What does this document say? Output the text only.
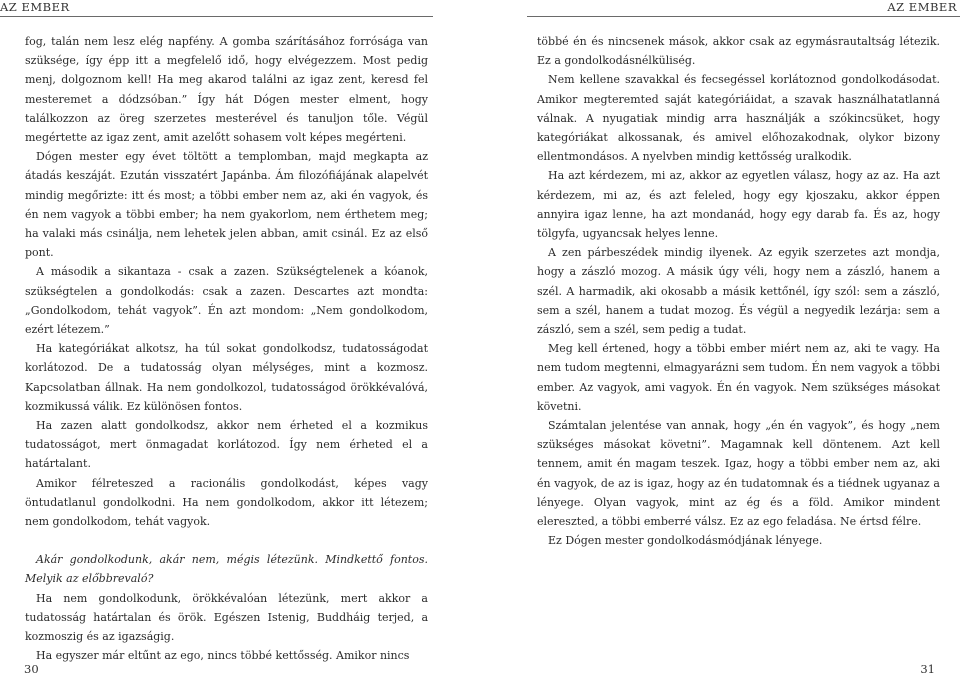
AZ EMBER	AZ EMBER

fog, talán nem lesz elég napfény. A gomba szárításához forrósága van szüksége, így épp itt a megfelelő idő, hogy elvégezzem. Most pedig menj, dolgoznom kell! Ha meg akarod találni az igaz zent, keresd fel mesteremet a dódzsóban.” Így hát Dógen mester elment, hogy találkozzon az öreg szerzetes mesterével és tanuljon tőle. Végül megértette az igaz zent, amit azelőtt sohasem volt képes megérteni.

Dógen mester egy évet töltött a templomban, majd megkapta az átadás keszáját. Ezután visszatért Japánba. Ám filozófiájának alapelvét mindig megőrizte: itt és most; a többi ember nem az, aki én vagyok, és én nem vagyok a többi ember; ha nem gyakorlom, nem érthetem meg; ha valaki más csinálja, nem lehetek jelen abban, amit csinál. Ez az első pont.

A második a sikantaza - csak a zazen. Szükségtelenek a kóanok, szükségtelen a gondolkodás: csak a zazen. Descartes azt mondta: „Gondolkodom, tehát vagyok”. Én azt mondom: „Nem gondolkodom, ezért létezem.”

Ha kategóriákat alkotsz, ha túl sokat gondolkodsz, tudatosságodat korlátozod. De a tudatosság olyan mélységes, mint a kozmosz. Kapcsolatban állnak. Ha nem gondolkozol, tudatosságod örökkévalóvá, kozmikussá válik. Ez különösen fontos.

Ha zazen alatt gondolkodsz, akkor nem érheted el a kozmikus tudatosságot, mert önmagadat korlátozod. Így nem érheted el a határtalant.

Amikor félreteszed a racionális gondolkodást, képes vagy öntudatlanul gondolkodni. Ha nem gondolkodom, akkor itt létezem; nem gondolkodom, tehát vagyok.

Akár gondolkodunk, akár nem, mégis létezünk. Mindkettő fontos. Melyik az előbbrevaló?

Ha nem gondolkodunk, örökkévalóan létezünk, mert akkor a tudatosság határtalan és örök. Egészen Istenig, Buddháig terjed, a kozmoszig és az igazságig.

Ha egyszer már eltűnt az ego, nincs többé kettősség. Amikor nincs

többé én és nincsenek mások, akkor csak az egymásrautaltság létezik. Ez a gondolkodásnélküliség.

Nem kellene szavakkal és fecsegéssel korlátoznod gondolkodásodat. Amikor megteremted saját kategóriáidat, a szavak használhatatlanná válnak. A nyugatiak mindig arra használják a szókincsüket, hogy kategóriákat alkossanak, és amivel előhozakodnak, olykor bizony ellentmondásos. A nyelvben mindig kettősség uralkodik.

Ha azt kérdezem, mi az, akkor az egyetlen válasz, hogy az az. Ha azt kérdezem, mi az, és azt feleled, hogy egy kjoszaku, akkor éppen annyira igaz lenne, ha azt mondanád, hogy egy darab fa. És az, hogy tölgyfa, ugyancsak helyes lenne.

A zen párbeszédek mindig ilyenek. Az egyik szerzetes azt mondja, hogy a zászló mozog. A másik úgy véli, hogy nem a zászló, hanem a szél. A harmadik, aki okosabb a másik kettőnél, így szól: sem a zászló, sem a szél, hanem a tudat mozog. És végül a negyedik lezárja: sem a zászló, sem a szél, sem pedig a tudat.

Meg kell értened, hogy a többi ember miért nem az, aki te vagy. Ha nem tudom megtenni, elmagyarázni sem tudom. Én nem vagyok a többi ember. Az vagyok, ami vagyok. Én én vagyok. Nem szükséges másokat követni.

Számtalan jelentése van annak, hogy „én én vagyok”, és hogy „nem szükséges másokat követni”. Magamnak kell döntenem. Azt kell tennem, amit én magam teszek. Igaz, hogy a többi ember nem az, aki én vagyok, de az is igaz, hogy az én tudatomnak és a tiédnek ugyanaz a lényege. Olyan vagyok, mint az ég és a föld. Amikor mindent elereszted, a többi emberré válsz. Ez az ego feladása. Ne értsd félre.

Ez Dógen mester gondolkodásmódjának lényege.

30	31
